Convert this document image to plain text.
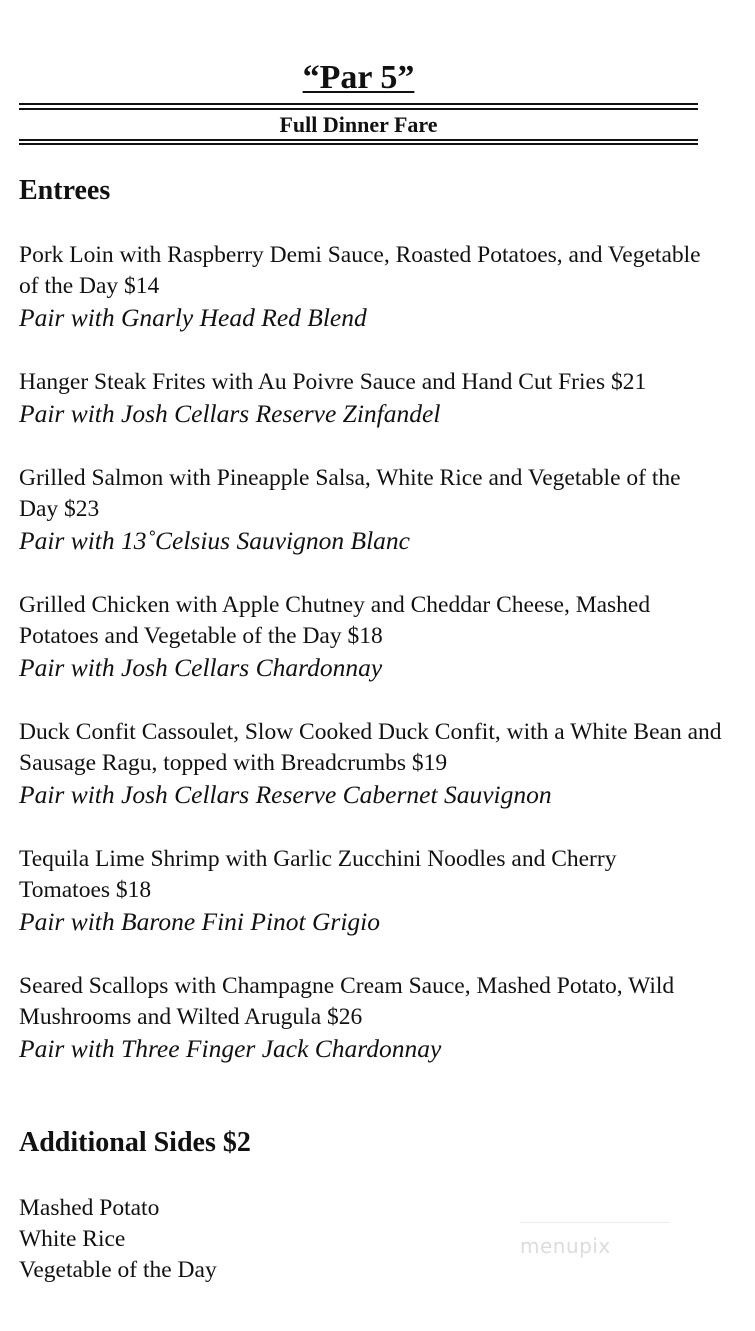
“Par 5”
Full Dinner Fare
Entrees
Pork Loin with Raspberry Demi Sauce, Roasted Potatoes, and Vegetable of the Day $14
Pair with Gnarly Head Red Blend
Hanger Steak Frites with Au Poivre Sauce and Hand Cut Fries $21
Pair with Josh Cellars Reserve Zinfandel
Grilled Salmon with Pineapple Salsa, White Rice and Vegetable of the Day $23
Pair with 13˚Celsius Sauvignon Blanc
Grilled Chicken with Apple Chutney and Cheddar Cheese, Mashed Potatoes and Vegetable of the Day $18
Pair with Josh Cellars Chardonnay
Duck Confit Cassoulet, Slow Cooked Duck Confit, with a White Bean and Sausage Ragu, topped with Breadcrumbs $19
Pair with Josh Cellars Reserve Cabernet Sauvignon
Tequila Lime Shrimp with Garlic Zucchini Noodles and Cherry Tomatoes $18
Pair with Barone Fini Pinot Grigio
Seared Scallops with Champagne Cream Sauce, Mashed Potato, Wild Mushrooms and Wilted Arugula $26
Pair with Three Finger Jack Chardonnay
Additional Sides $2
Mashed Potato
White Rice
Vegetable of the Day
menupix
